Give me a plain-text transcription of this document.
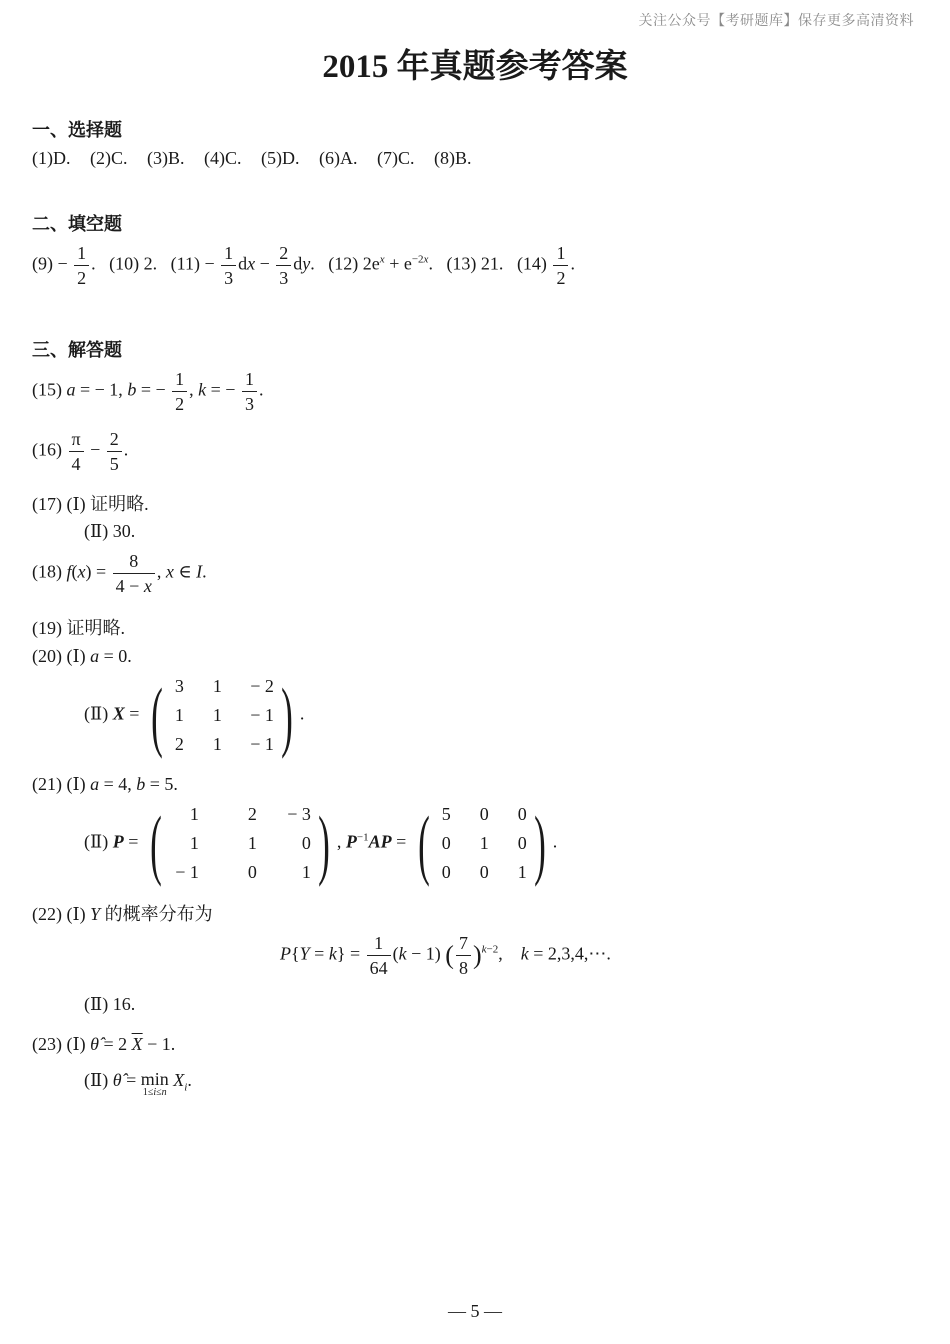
关注公众号【考研题库】保存更多高清资料
2015 年真题参考答案
一、选择题
(1)D. (2)C. (3)B. (4)C. (5)D. (6)A. (7)C. (8)B.
二、填空题
$(9) - \frac{1}{2}$ .   (10) 2. $(11) - \frac{1}{3}$ dx − $\frac{2}{3}$ dy.   (12) $2e^x + e^{-2x}$.   (13) 21. $(14) \frac{1}{2}$ .
三、解答题
(15) a = − 1, b = − $\frac{1}{2}$ , k = − $\frac{1}{3}$ .
$(16) \frac{\pi}{4} - \frac{2}{5}$ .
(17) (Ⅰ) 证明略.
(Ⅱ) 30.
(18) $f(x) = \frac{8}{4 - x}$ , x ∈ I.
(19) 证明略.
(20) (Ⅰ) a = 0.
(Ⅱ) X = ( 3	1	− 2
1	1	− 1
2	1	− 1 ) .
(21) (Ⅰ) a = 4, b = 5.
(Ⅱ) P = (	1	2	− 3
1	1	0
− 1	0	1 ) , $P^{-1}AP$ = ( 5	0	0
0	1	0
0	0	1 ) .
(22) (Ⅰ) Y 的概率分布为
$P\{Y = k\} = \frac{1}{64} (k - 1)$ ( $\frac{7}{8} )^{k-2}$,    k = 2,3,4,⋯.
(Ⅱ) 16.
(23) (Ⅰ) θ̂ = 2 $\overline{X} - 1$.
(Ⅱ) θ̂ = min
1≤i≤n
$X_i$.
— 5 —
